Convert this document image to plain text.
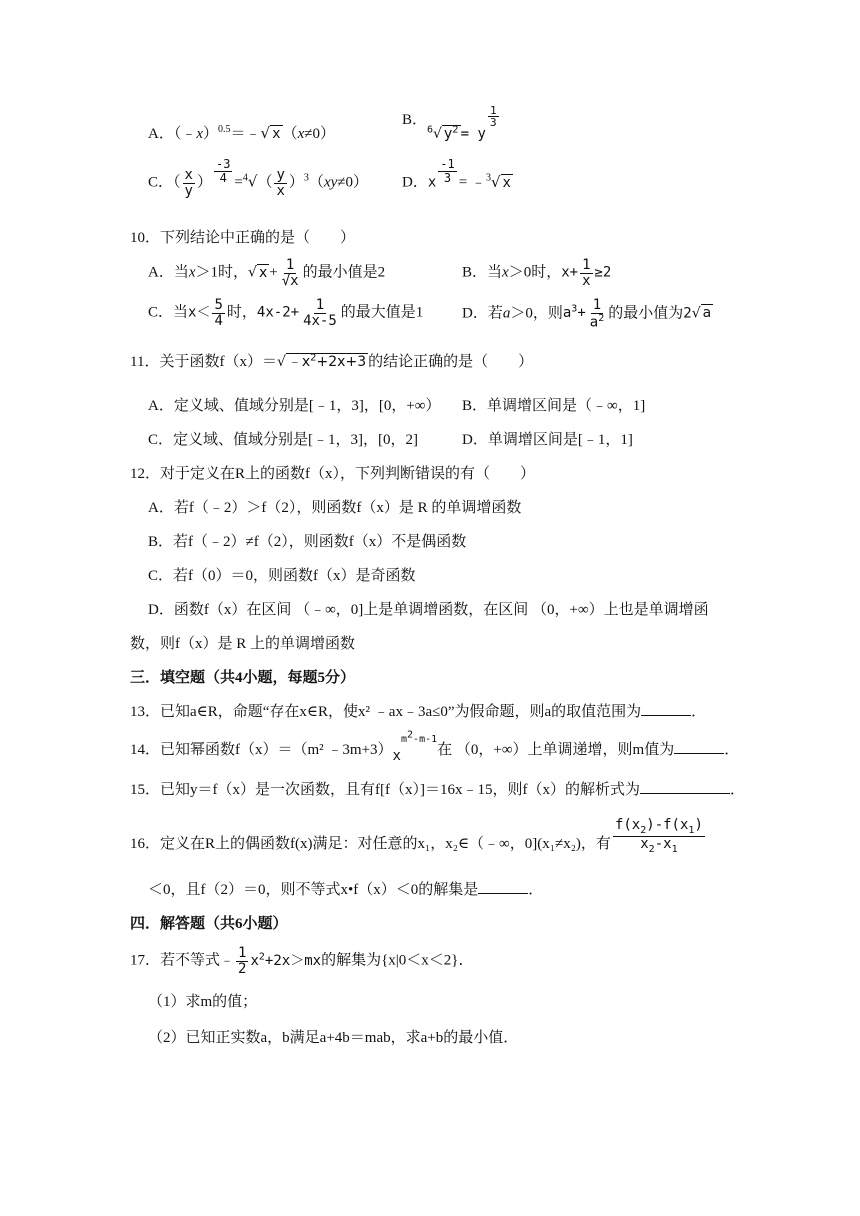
A．（﹣x）$^{0.5}$＝﹣√ x （x≠0）
B．$^6$√ $y^2 = y$
$\frac{1}{3}$
C．（ $\frac{x}{y}$ ） $\frac{-3}{4} =^4√( \frac{y}{x} )^3(xy\ne 0)$ D．x $\frac{-1}{3}$ = ﹣$^3$√ x
10．下列结论中正确的是（　　）
A．当x＞1时，√ $x + \frac{1}{√x}$ 的最小值是2	B．当x＞0时，$x+ \frac{1}{x} \ge 2$
C．当$x< \frac{5}{4}$ 时，$4x-2+ \frac{1}{4x-5}$ 的最大值是1	D．若a＞0，则$a^3+ \frac{1}{a^2}$ 的最小值为2√ a
11．关于函数f（x）＝√ $﹣x^2+2x+3$ 的结论正确的是（　　）
A．定义域、值域分别是[﹣1，3]，[0，+∞） B．单调增区间是（﹣∞，1]
C．定义域、值域分别是[﹣1，3]，[0，2]	D．单调增区间是[﹣1，1]
12．对于定义在R上的函数f（x），下列判断错误的有（　　）
A．若f（﹣2）＞f（2），则函数f（x）是 R 的单调增函数
B．若f（﹣2）≠f（2），则函数f（x）不是偶函数
C．若f（0）＝0，则函数f（x）是奇函数
D．函数f（x）在区间 （﹣∞，0]上是单调增函数，在区间 （0，+∞）上也是单调增函
数，则f（x）是 R 上的单调增函数
三．填空题（共4小题，每题5分）
13．已知a∈R，命题“存在x∈R，使x² ﹣ax﹣3a≤0”为假命题，则a的取值范围为	．
14．已知幂函数f（x）＝（m² $﹣3m+3)x^{m^2-m-1}$在 （0，+∞）上单调递增，则m值为	．
15．已知y＝f（x）是一次函数，且有f[f（x）]＝16x﹣15，则f（x）的解析式为	．
16．定义在R上的偶函数f(x)满足：对任意的x₁，x₂∈（﹣∞，0](x₁≠x₂)，有 $\frac{f(x_2)-f(x_1)}{x_2-x_1}$
＜0，且f（2）＝0，则不等式x•f（x）＜0的解集是	．
四．解答题（共6小题）
17．若不等式﹣ $\frac{1}{2} x^2+2x>mx$的解集为{x|0＜x＜2}．
（1）求m的值；
（2）已知正实数a，b满足a+4b＝mab，求a+b的最小值．
